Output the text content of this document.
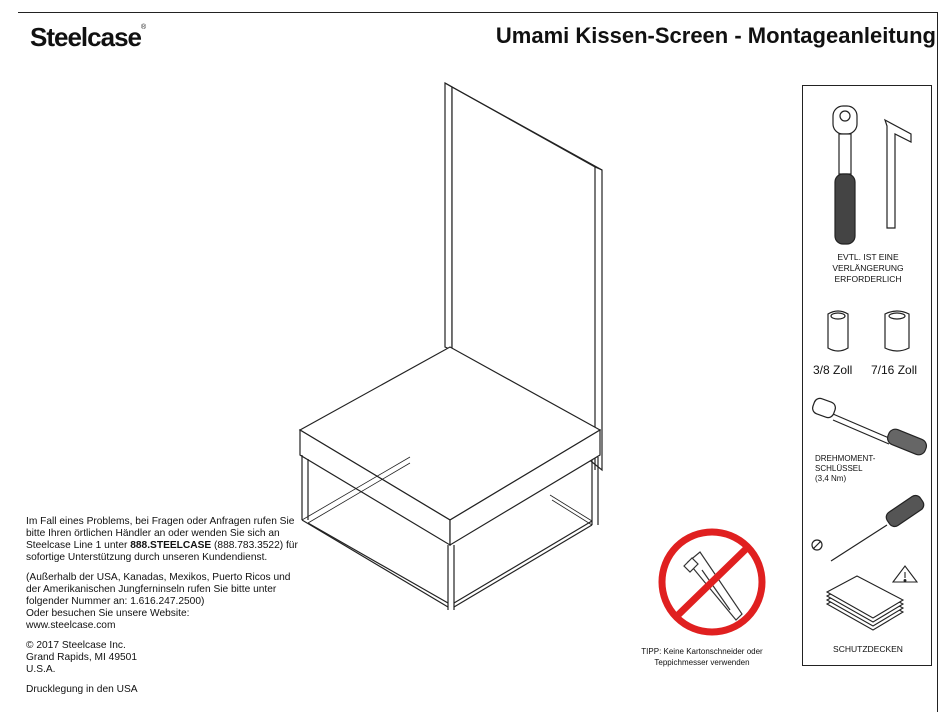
Steelcase®	Umami Kissen-Screen - Montageanleitung

Im Fall eines Problems, bei Fragen oder Anfragen rufen Sie bitte Ihren örtlichen Händler an oder wenden Sie sich an Steelcase Line 1 unter 888.STEELCASE (888.783.3522) für sofortige Unterstützung durch unseren Kundendienst.

(Außerhalb der USA, Kanadas, Mexikos, Puerto Ricos und der Amerikanischen Jungferninseln rufen Sie bitte unter folgender Nummer an: 1.616.247.2500)
Oder besuchen Sie unsere Website:
www.steelcase.com

© 2017 Steelcase Inc.
Grand Rapids, MI 49501
U.S.A.

Drucklegung in den USA

TIPP: Keine Kartonschneider oder
Teppichmesser verwenden
EVTL. IST EINE
VERLÄNGERUNG
ERFORDERLICH
3/8 Zoll 7/16 Zoll
DREHMOMENT-
SCHLÜSSEL
(3,4 Nm)
SCHUTZDECKEN
